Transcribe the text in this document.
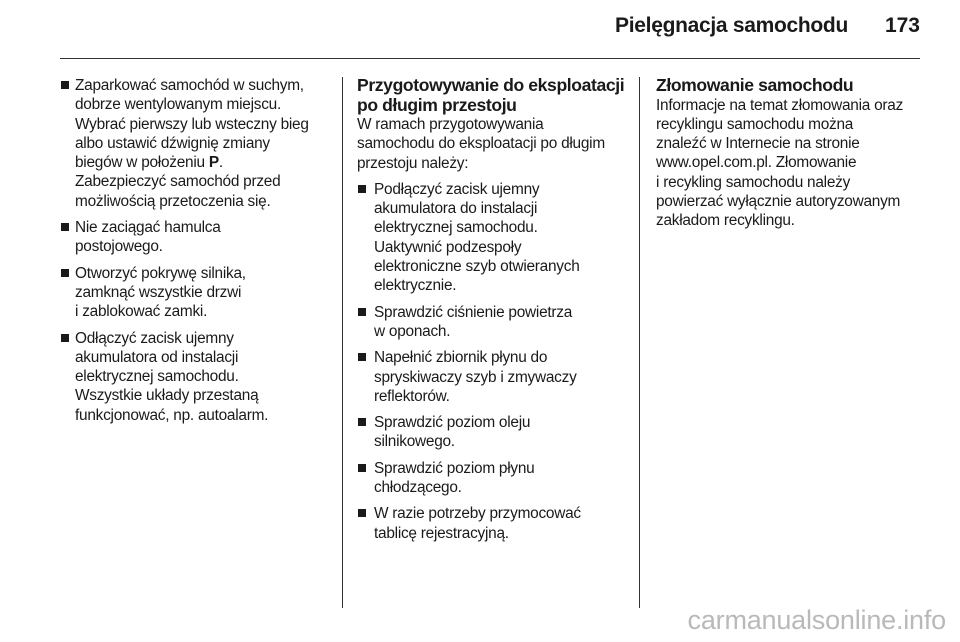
Pielęgnacja samochodu 173
Zaparkować samochód w suchym,
dobrze wentylowanym miejscu.
Wybrać pierwszy lub wsteczny bieg
albo ustawić dźwignię zmiany
biegów w położeniu P.
Zabezpieczyć samochód przed
możliwością przetoczenia się.
Nie zaciągać hamulca
postojowego.
Otworzyć pokrywę silnika,
zamknąć wszystkie drzwi
i zablokować zamki.
Odłączyć zacisk ujemny
akumulatora od instalacji
elektrycznej samochodu.
Wszystkie układy przestaną
funkcjonować, np. autoalarm.
Przygotowywanie do eksploatacji
po długim przestoju
W ramach przygotowywania
samochodu do eksploatacji po długim
przestoju należy:
Podłączyć zacisk ujemny
akumulatora do instalacji
elektrycznej samochodu.
Uaktywnić podzespoły
elektroniczne szyb otwieranych
elektrycznie.
Sprawdzić ciśnienie powietrza
w oponach.
Napełnić zbiornik płynu do
spryskiwaczy szyb i zmywaczy
reflektorów.
Sprawdzić poziom oleju
silnikowego.
Sprawdzić poziom płynu
chłodzącego.
W razie potrzeby przymocować
tablicę rejestracyjną.
Złomowanie samochodu
Informacje na temat złomowania oraz
recyklingu samochodu można
znaleźć w Internecie na stronie
www.opel.com.pl. Złomowanie
i recykling samochodu należy
powierzać wyłącznie autoryzowanym
zakładom recyklingu.
carmanualsonline.info
